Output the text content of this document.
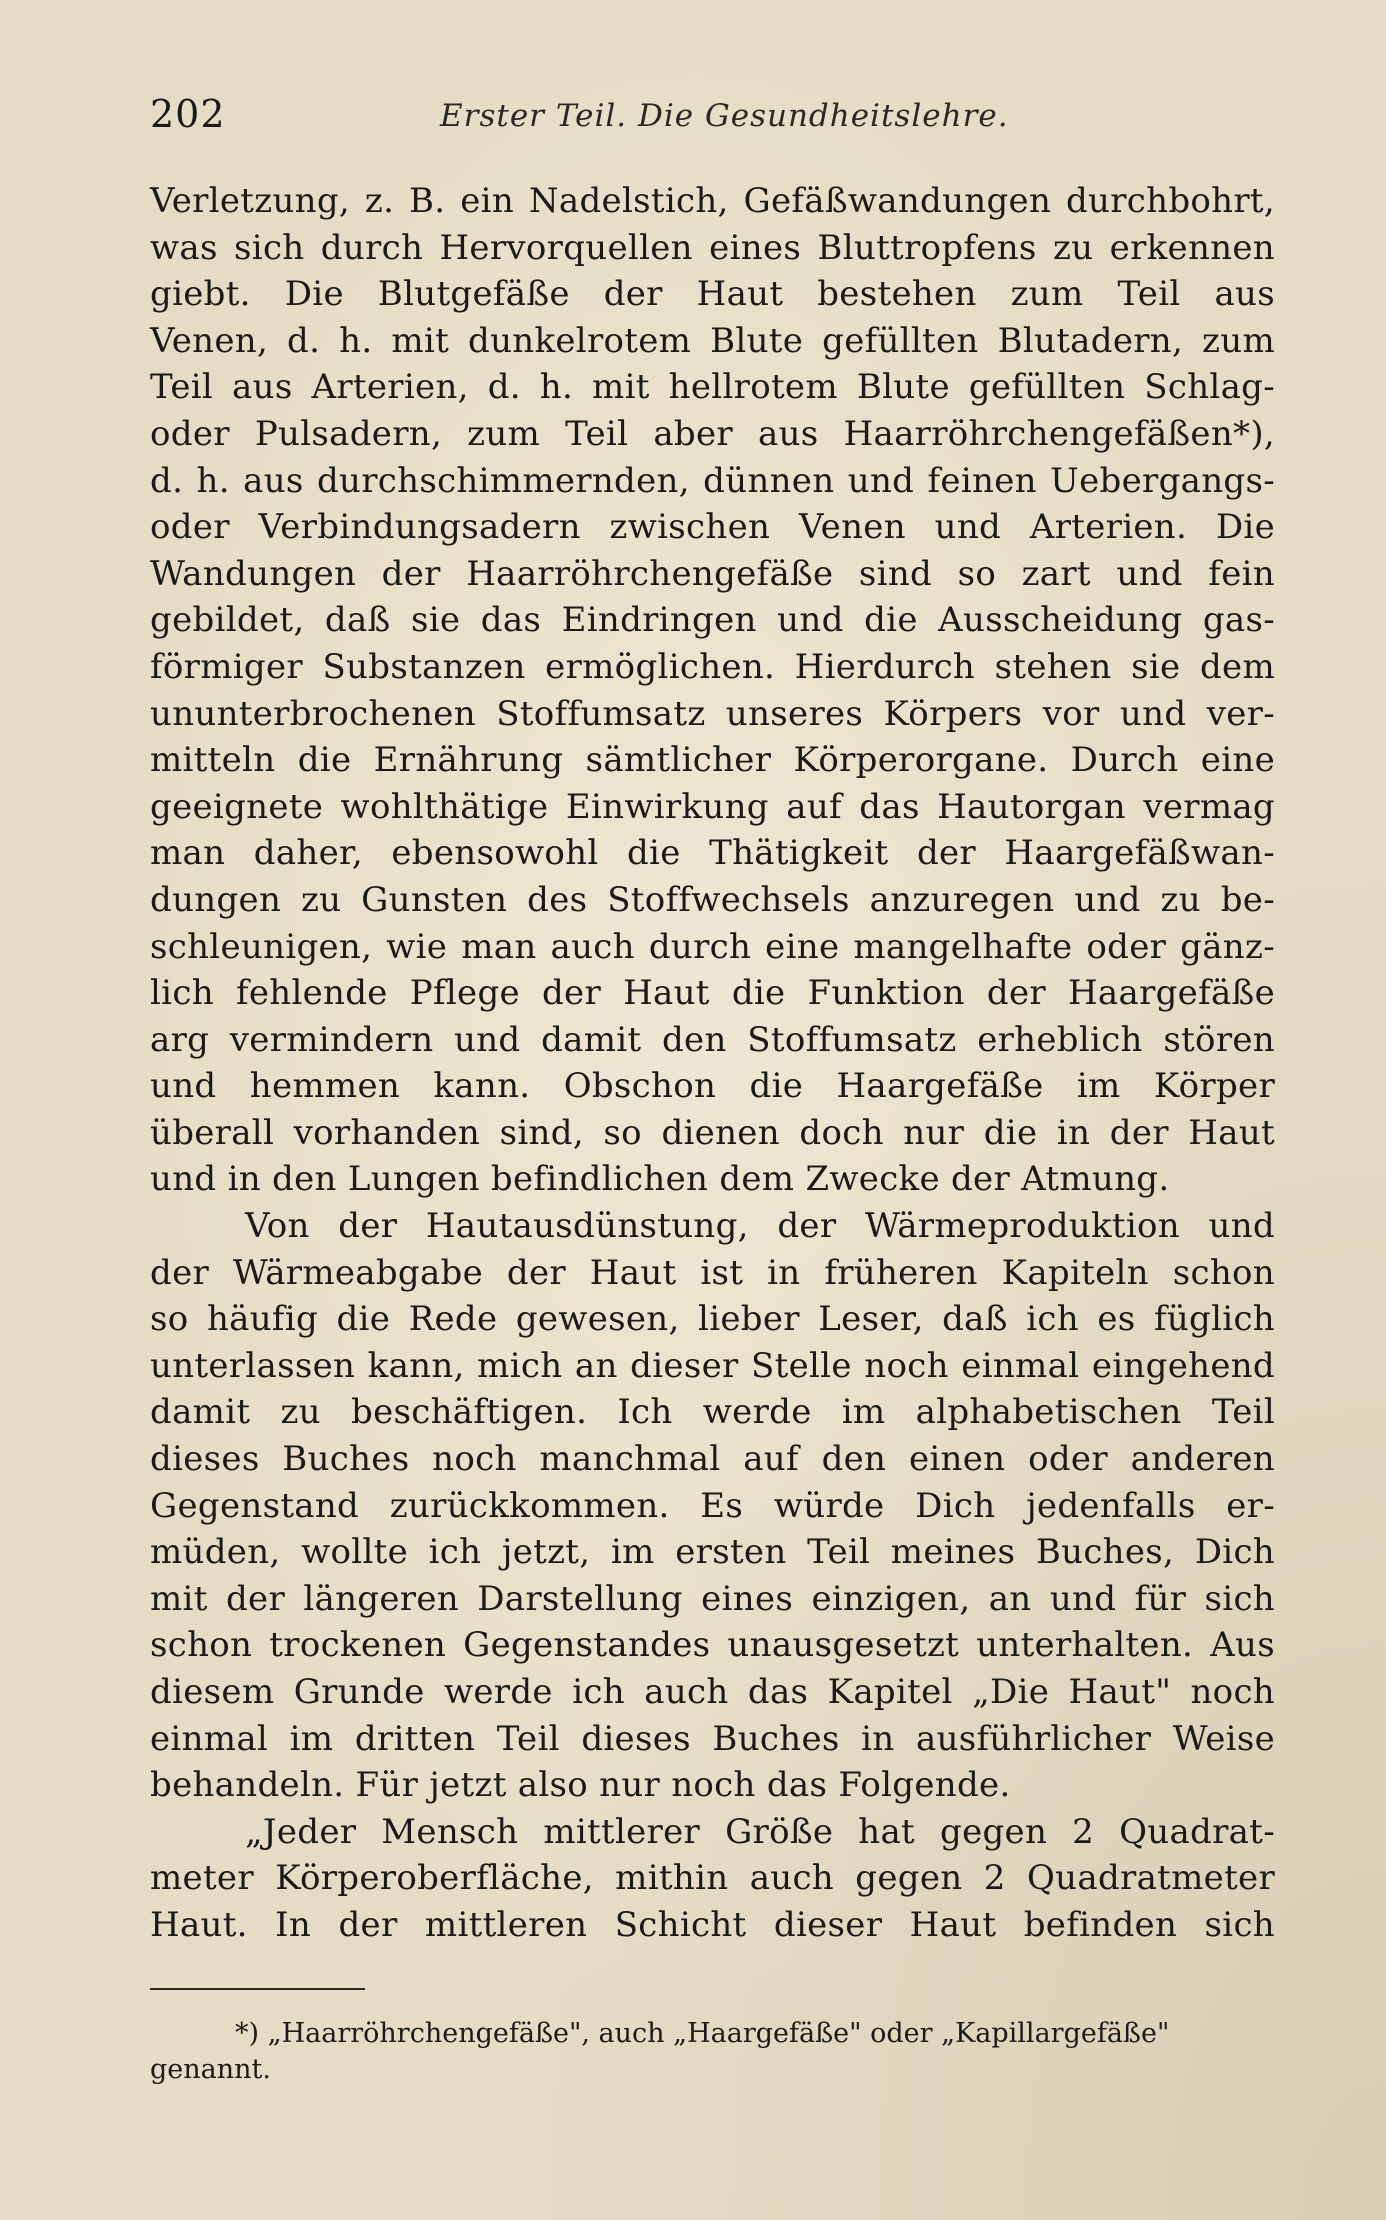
202	Erster Teil. Die Gesundheitslehre.
Verletzung, z. B. ein Nadelstich, Gefäßwandungen durchbohrt,
was sich durch Hervorquellen eines Bluttropfens zu erkennen
giebt. Die Blutgefäße der Haut bestehen zum Teil aus
Venen, d. h. mit dunkelrotem Blute gefüllten Blutadern, zum
Teil aus Arterien, d. h. mit hellrotem Blute gefüllten Schlag-
oder Pulsadern, zum Teil aber aus Haarröhrchengefäßen*),
d. h. aus durchschimmernden, dünnen und feinen Uebergangs-
oder Verbindungsadern zwischen Venen und Arterien. Die
Wandungen der Haarröhrchengefäße sind so zart und fein
gebildet, daß sie das Eindringen und die Ausscheidung gas-
förmiger Substanzen ermöglichen. Hierdurch stehen sie dem
ununterbrochenen Stoffumsatz unseres Körpers vor und ver-
mitteln die Ernährung sämtlicher Körperorgane. Durch eine
geeignete wohlthätige Einwirkung auf das Hautorgan vermag
man daher, ebensowohl die Thätigkeit der Haargefäßwan-
dungen zu Gunsten des Stoffwechsels anzuregen und zu be-
schleunigen, wie man auch durch eine mangelhafte oder gänz-
lich fehlende Pflege der Haut die Funktion der Haargefäße
arg vermindern und damit den Stoffumsatz erheblich stören
und hemmen kann. Obschon die Haargefäße im Körper
überall vorhanden sind, so dienen doch nur die in der Haut
und in den Lungen befindlichen dem Zwecke der Atmung.
Von der Hautausdünstung, der Wärmeproduktion und
der Wärmeabgabe der Haut ist in früheren Kapiteln schon
so häufig die Rede gewesen, lieber Leser, daß ich es füglich
unterlassen kann, mich an dieser Stelle noch einmal eingehend
damit zu beschäftigen. Ich werde im alphabetischen Teil
dieses Buches noch manchmal auf den einen oder anderen
Gegenstand zurückkommen. Es würde Dich jedenfalls er-
müden, wollte ich jetzt, im ersten Teil meines Buches, Dich
mit der längeren Darstellung eines einzigen, an und für sich
schon trockenen Gegenstandes unausgesetzt unterhalten. Aus
diesem Grunde werde ich auch das Kapitel „Die Haut" noch
einmal im dritten Teil dieses Buches in ausführlicher Weise
behandeln. Für jetzt also nur noch das Folgende.
„Jeder Mensch mittlerer Größe hat gegen 2 Quadrat-
meter Körperoberfläche, mithin auch gegen 2 Quadratmeter
Haut. In der mittleren Schicht dieser Haut befinden sich
*) „Haarröhrchengefäße", auch „Haargefäße" oder „Kapillargefäße"
genannt.
